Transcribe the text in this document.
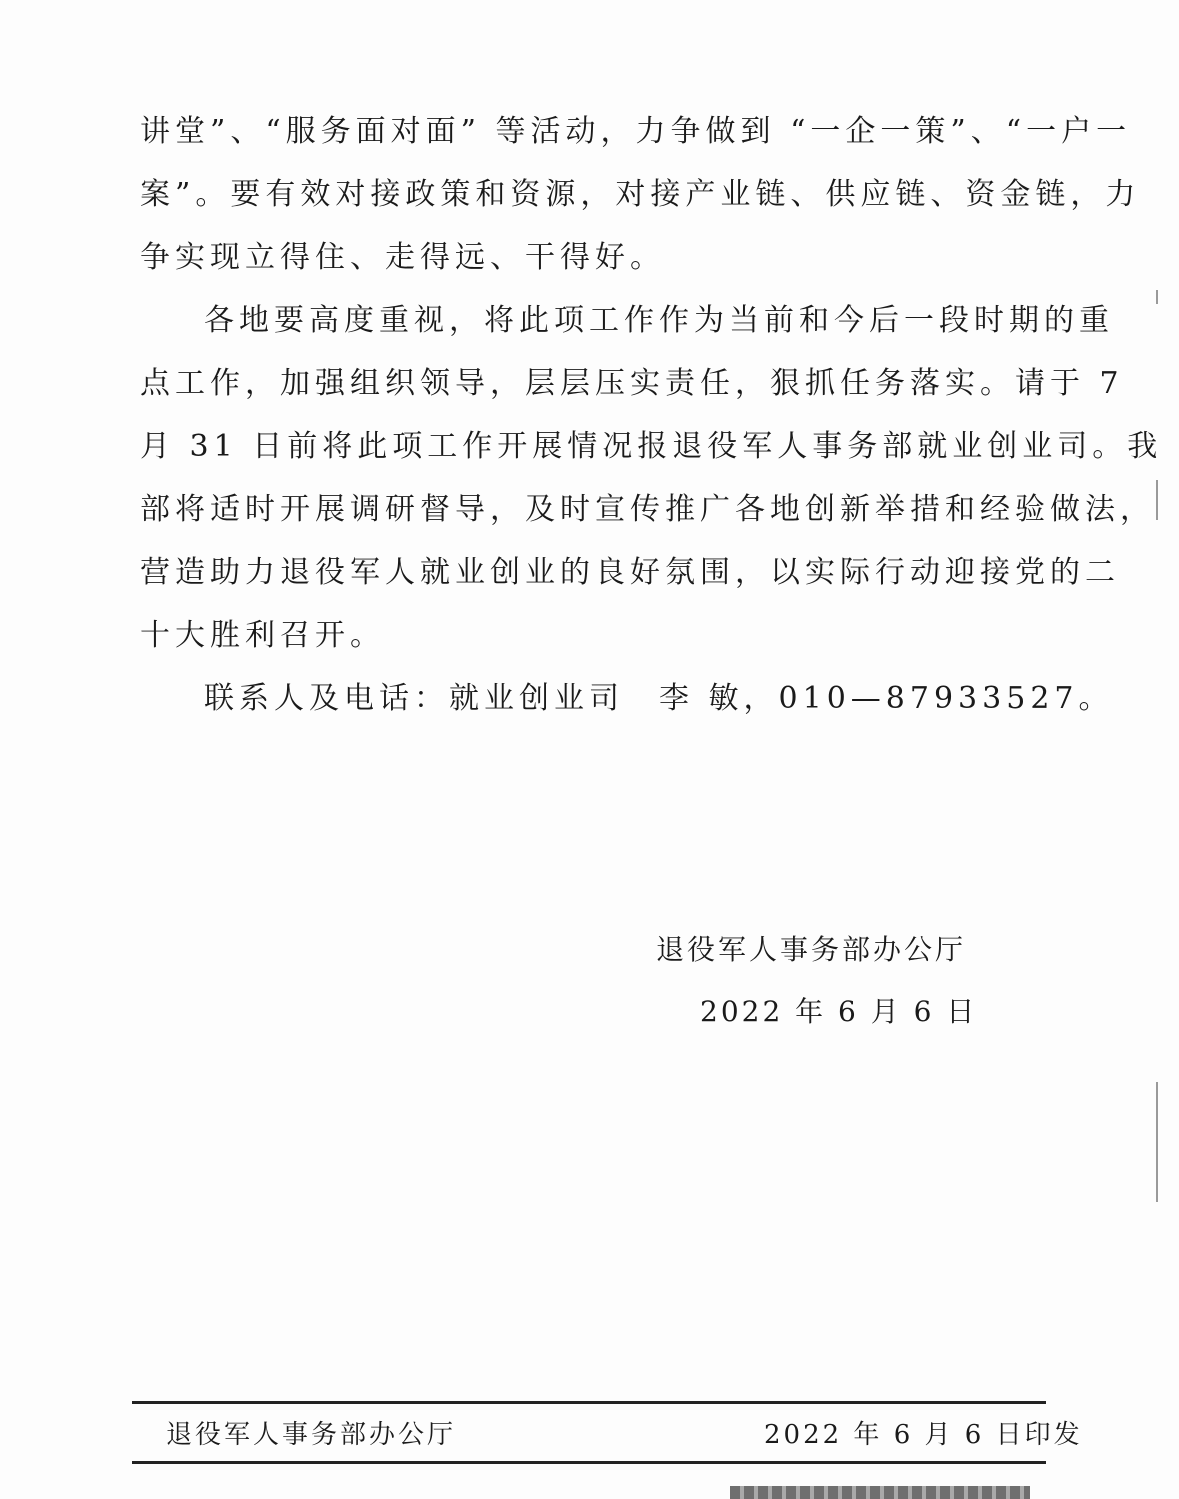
讲堂”、“服务面对面” 等活动，力争做到 “一企一策”、“一户一
案”。要有效对接政策和资源，对接产业链、供应链、资金链，力
争实现立得住、走得远、干得好。
各地要高度重视，将此项工作作为当前和今后一段时期的重
点工作，加强组织领导，层层压实责任，狠抓任务落实。请于 7
月 31 日前将此项工作开展情况报退役军人事务部就业创业司。我
部将适时开展调研督导，及时宣传推广各地创新举措和经验做法，
营造助力退役军人就业创业的良好氛围，以实际行动迎接党的二
十大胜利召开。
联系人及电话：就业创业司　李 敏，010—87933527。
退役军人事务部办公厅
2022 年 6 月 6 日
退役军人事务部办公厅	2022 年 6 月 6 日印发
